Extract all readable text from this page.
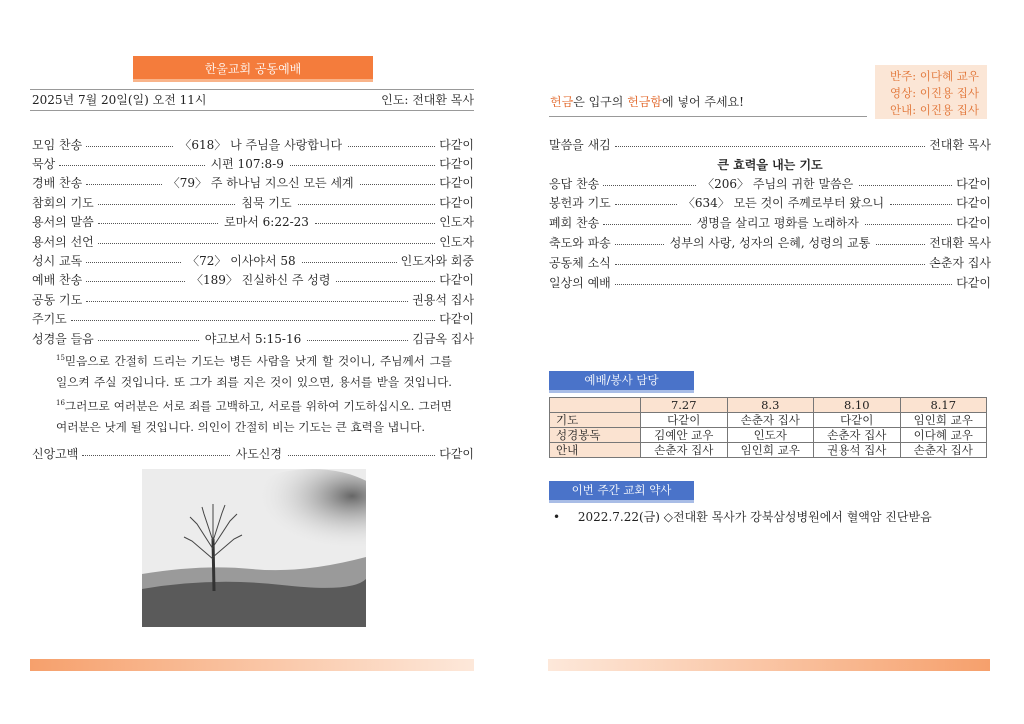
한울교회 공동예배
2025년 7월 20일(일) 오전 11시	인도: 전대환 목사
모임 찬송	〈618〉 나 주님을 사랑합니다	다같이
묵상	시편 107:8-9	다같이
경배 찬송	〈79〉 주 하나님 지으신 모든 세계	다같이
참회의 기도	침묵 기도	다같이
용서의 말씀	로마서 6:22-23	인도자
용서의 선언	인도자
성시 교독	〈72〉 이사야서 58	인도자와 회중
예배 찬송	〈189〉 진실하신 주 성령	다같이
공동 기도	권용석 집사
주기도	다같이
성경을 들음	야고보서 5:15-16	김금옥 집사
$^{15}$믿음으로 간절히 드리는 기도는 병든 사람을 낫게 할 것이니, 주님께서 그를 일으켜 주실 것입니다. 또 그가 죄를 지은 것이 있으면, 용서를 받을 것입니다. $^{16}$그러므로 여러분은 서로 죄를 고백하고, 서로를 위하여 기도하십시오. 그러면 여러분은 낫게 될 것입니다. 의인이 간절히 비는 기도는 큰 효력을 냅니다.
신앙고백	사도신경	다같이
반주: 이다혜 교우
영상: 이진용 집사
안내: 이진용 집사
헌금은 입구의 헌금함에 넣어 주세요!
말씀을 새김	전대환 목사
큰 효력을 내는 기도
응답 찬송	〈206〉 주님의 귀한 말씀은	다같이
봉헌과 기도	〈634〉 모든 것이 주께로부터 왔으니	다같이
폐회 찬송	생명을 살리고 평화를 노래하자	다같이
축도와 파송	성부의 사랑, 성자의 은혜, 성령의 교통	전대환 목사
공동체 소식	손춘자 집사
일상의 예배	다같이
예배/봉사 담당
	7.27	8.3	8.10	8.17
기도	다같이	손춘자 집사	다같이	임인희 교우
성경봉독	김예안 교우	인도자	손춘자 집사	이다혜 교우
안내	손춘자 집사	임인희 교우	권용석 집사	손춘자 집사
이번 주간 교회 약사
• 2022.7.22(금) ◇전대환 목사가 강북삼성병원에서 혈액암 진단받음
